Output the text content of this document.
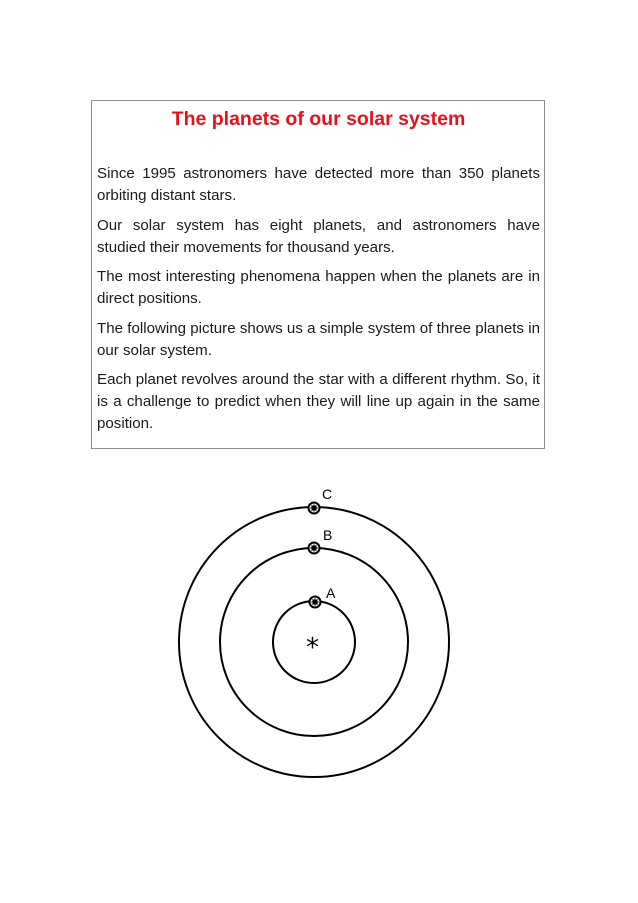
The planets of our solar system

Since 1995 astronomers have detected more than 350 planets orbiting distant stars.

Our solar system has eight planets, and astronomers have studied their movements for thousand years.

The most interesting phenomena happen when the planets are in direct positions.

The following picture shows us a simple system of three planets in our solar system.

Each planet revolves around the star with a different rhythm. So, it is a challenge to predict when they will line up again in the same position.

A
B
C
*
